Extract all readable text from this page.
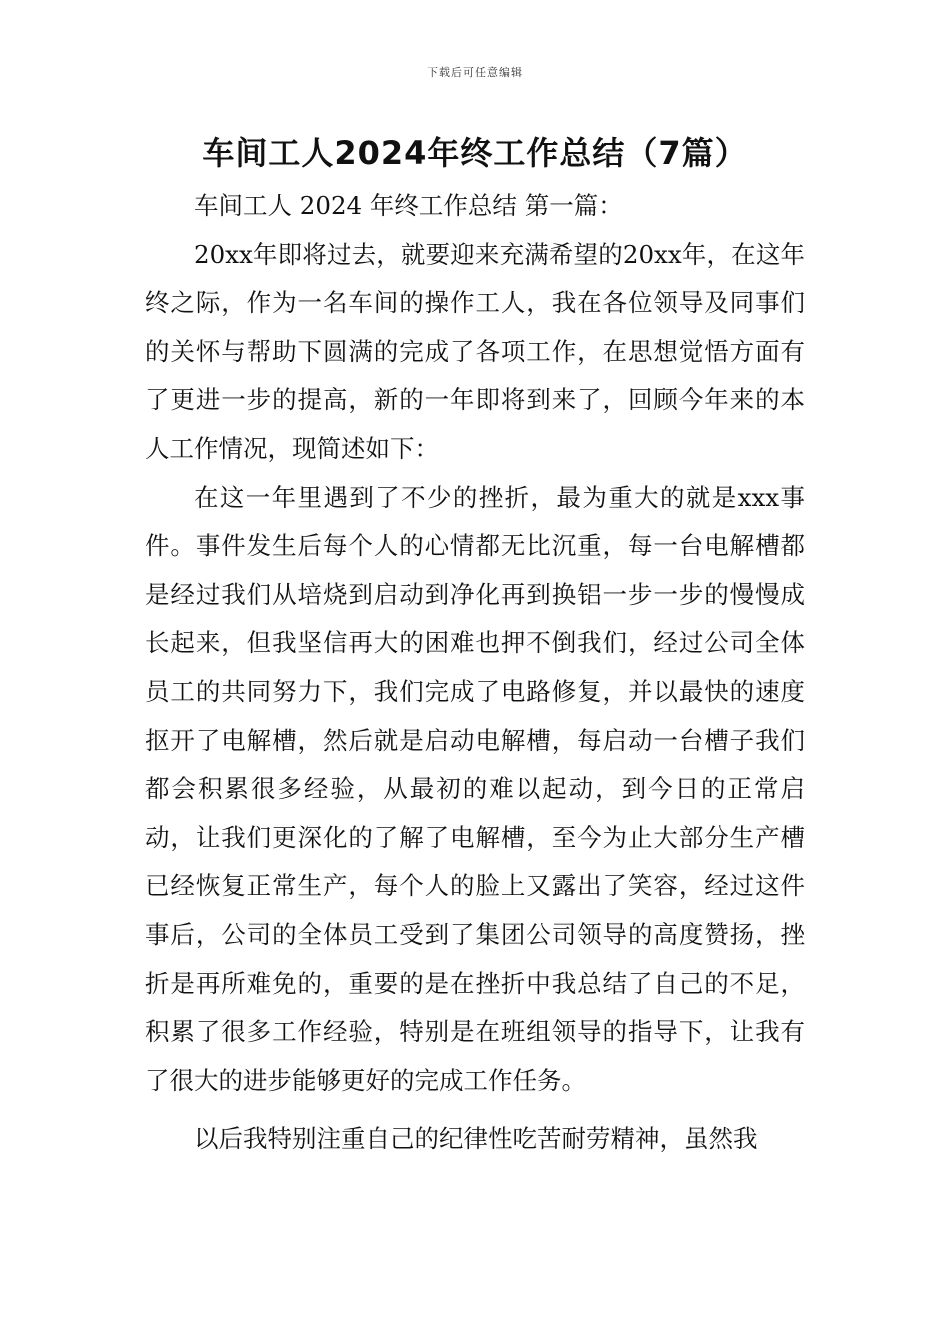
下载后可任意编辑
车间工人2024年终工作总结（7篇）

车间工人 2024 年终工作总结 第一篇：

20xx年即将过去，就要迎来充满希望的20xx年，在这年终之际，作为一名车间的操作工人，我在各位领导及同事们的关怀与帮助下圆满的完成了各项工作，在思想觉悟方面有了更进一步的提高，新的一年即将到来了，回顾今年来的本人工作情况，现简述如下：

在这一年里遇到了不少的挫折，最为重大的就是xxx事件。事件发生后每个人的心情都无比沉重，每一台电解槽都是经过我们从培烧到启动到净化再到换铝一步一步的慢慢成长起来，但我坚信再大的困难也押不倒我们，经过公司全体员工的共同努力下，我们完成了电路修复，并以最快的速度抠开了电解槽，然后就是启动电解槽，每启动一台槽子我们都会积累很多经验，从最初的难以起动，到今日的正常启动，让我们更深化的了解了电解槽，至今为止大部分生产槽已经恢复正常生产，每个人的脸上又露出了笑容，经过这件事后，公司的全体员工受到了集团公司领导的高度赞扬，挫折是再所难免的，重要的是在挫折中我总结了自己的不足，积累了很多工作经验，特别是在班组领导的指导下，让我有了很大的进步能够更好的完成工作任务。

以后我特别注重自己的纪律性吃苦耐劳精神，虽然我
